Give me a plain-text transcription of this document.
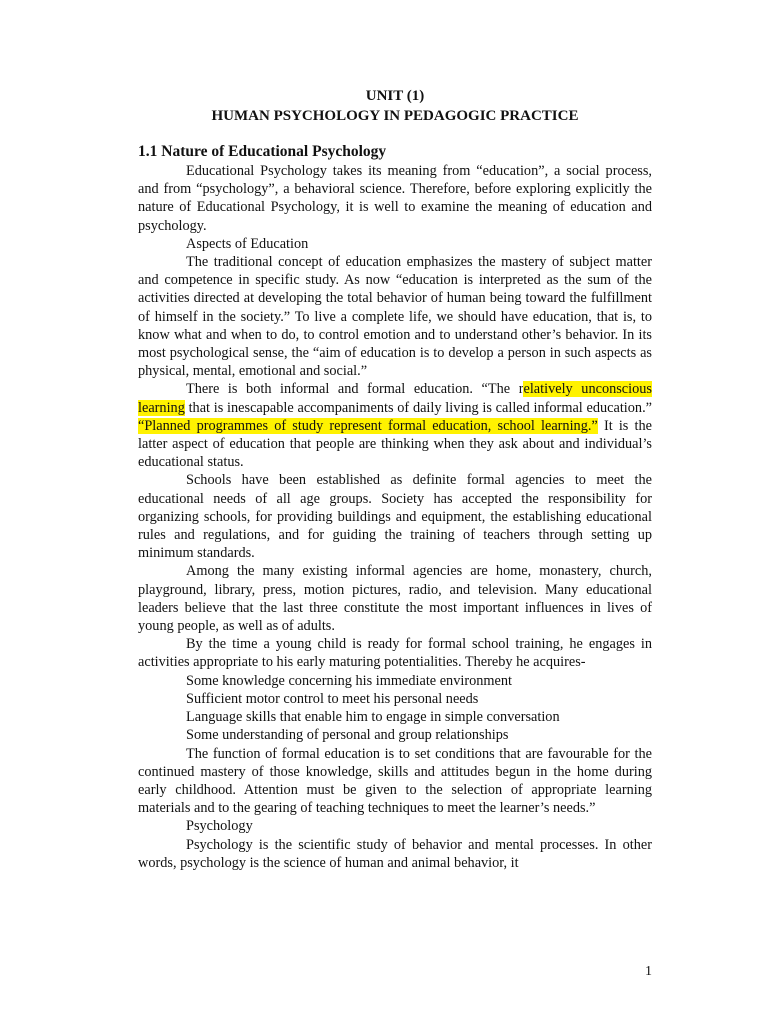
UNIT (1)
HUMAN PSYCHOLOGY IN PEDAGOGIC PRACTICE
1.1 Nature of Educational Psychology

Educational Psychology takes its meaning from “education”, a social process, and from “psychology”, a behavioral science. Therefore, before exploring explicitly the nature of Educational Psychology, it is well to examine the meaning of education and psychology.

Aspects of Education

The traditional concept of education emphasizes the mastery of subject matter and competence in specific study. As now “education is interpreted as the sum of the activities directed at developing the total behavior of human being toward the fulfillment of himself in the society.” To live a complete life, we should have education, that is, to know what and when to do, to control emotion and to understand other’s behavior. In its most psychological sense, the “aim of education is to develop a person in such aspects as physical, mental, emotional and social.”

There is both informal and formal education. “The relatively unconscious learning that is inescapable accompaniments of daily living is called informal education.” “Planned programmes of study represent formal education, school learning.” It is the latter aspect of education that people are thinking when they ask about and individual’s educational status.

Schools have been established as definite formal agencies to meet the educational needs of all age groups. Society has accepted the responsibility for organizing schools, for providing buildings and equipment, the establishing educational rules and regulations, and for guiding the training of teachers through setting up minimum standards.

Among the many existing informal agencies are home, monastery, church, playground, library, press, motion pictures, radio, and television. Many educational leaders believe that the last three constitute the most important influences in lives of young people, as well as of adults.

By the time a young child is ready for formal school training, he engages in activities appropriate to his early maturing potentialities. Thereby he acquires-

Some knowledge concerning his immediate environment
Sufficient motor control to meet his personal needs
Language skills that enable him to engage in simple conversation
Some understanding of personal and group relationships

The function of formal education is to set conditions that are favourable for the continued mastery of those knowledge, skills and attitudes begun in the home during early childhood. Attention must be given to the selection of appropriate learning materials and to the gearing of teaching techniques to meet the learner’s needs.”

Psychology

Psychology is the scientific study of behavior and mental processes. In other words, psychology is the science of human and animal behavior, it

1
